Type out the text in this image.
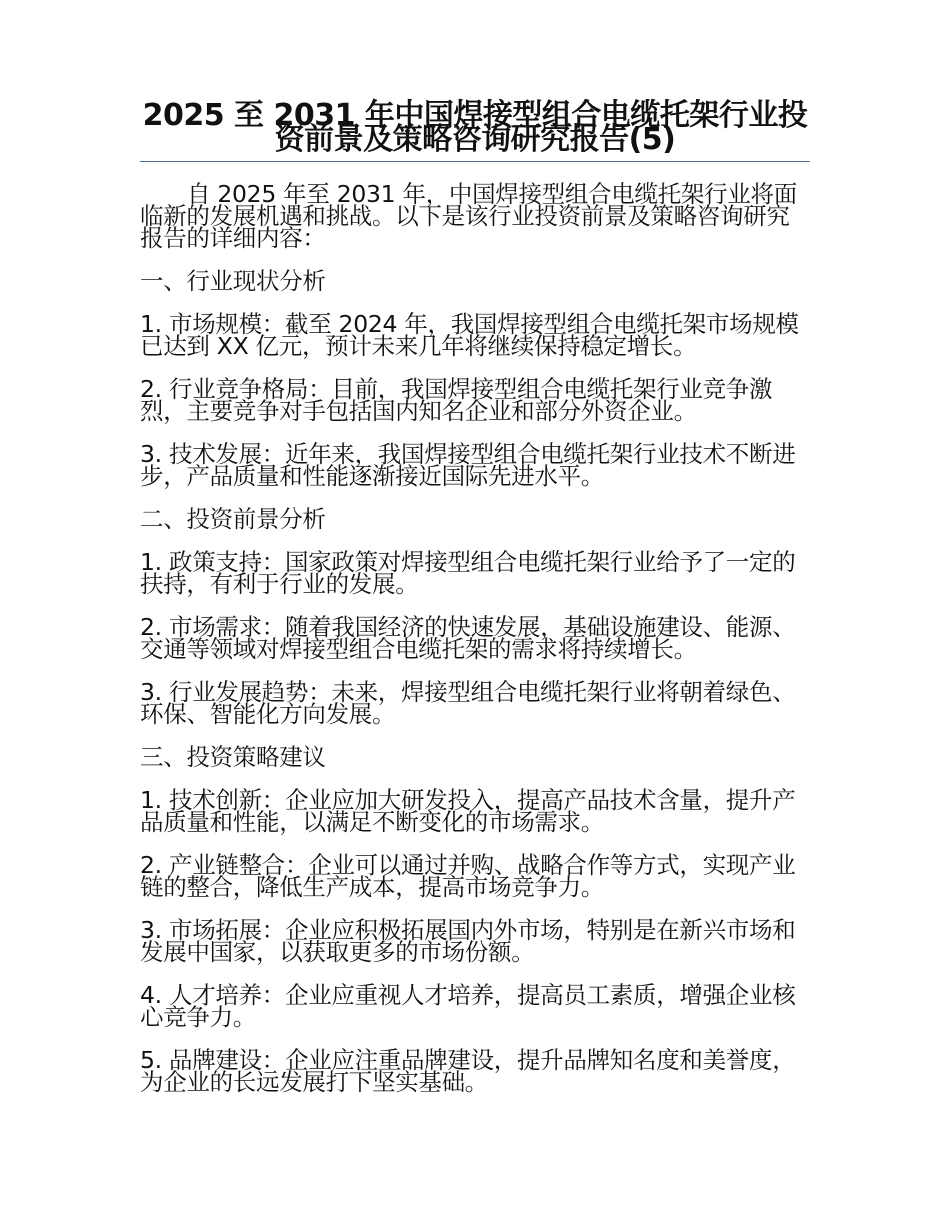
2025 至 2031 年中国焊接型组合电缆托架行业投资前景及策略咨询研究报告(5)

自 2025 年至 2031 年，中国焊接型组合电缆托架行业将面临新的发展机遇和挑战。以下是该行业投资前景及策略咨询研究报告的详细内容：

一、行业现状分析

1. 市场规模：截至 2024 年，我国焊接型组合电缆托架市场规模已达到 XX 亿元，预计未来几年将继续保持稳定增长。

2. 行业竞争格局：目前，我国焊接型组合电缆托架行业竞争激烈，主要竞争对手包括国内知名企业和部分外资企业。

3. 技术发展：近年来，我国焊接型组合电缆托架行业技术不断进步，产品质量和性能逐渐接近国际先进水平。

二、投资前景分析

1. 政策支持：国家政策对焊接型组合电缆托架行业给予了一定的扶持，有利于行业的发展。

2. 市场需求：随着我国经济的快速发展，基础设施建设、能源、交通等领域对焊接型组合电缆托架的需求将持续增长。

3. 行业发展趋势：未来，焊接型组合电缆托架行业将朝着绿色、环保、智能化方向发展。

三、投资策略建议

1. 技术创新：企业应加大研发投入，提高产品技术含量，提升产品质量和性能，以满足不断变化的市场需求。

2. 产业链整合：企业可以通过并购、战略合作等方式，实现产业链的整合，降低生产成本，提高市场竞争力。

3. 市场拓展：企业应积极拓展国内外市场，特别是在新兴市场和发展中国家，以获取更多的市场份额。

4. 人才培养：企业应重视人才培养，提高员工素质，增强企业核心竞争力。

5. 品牌建设：企业应注重品牌建设，提升品牌知名度和美誉度，为企业的长远发展打下坚实基础。
